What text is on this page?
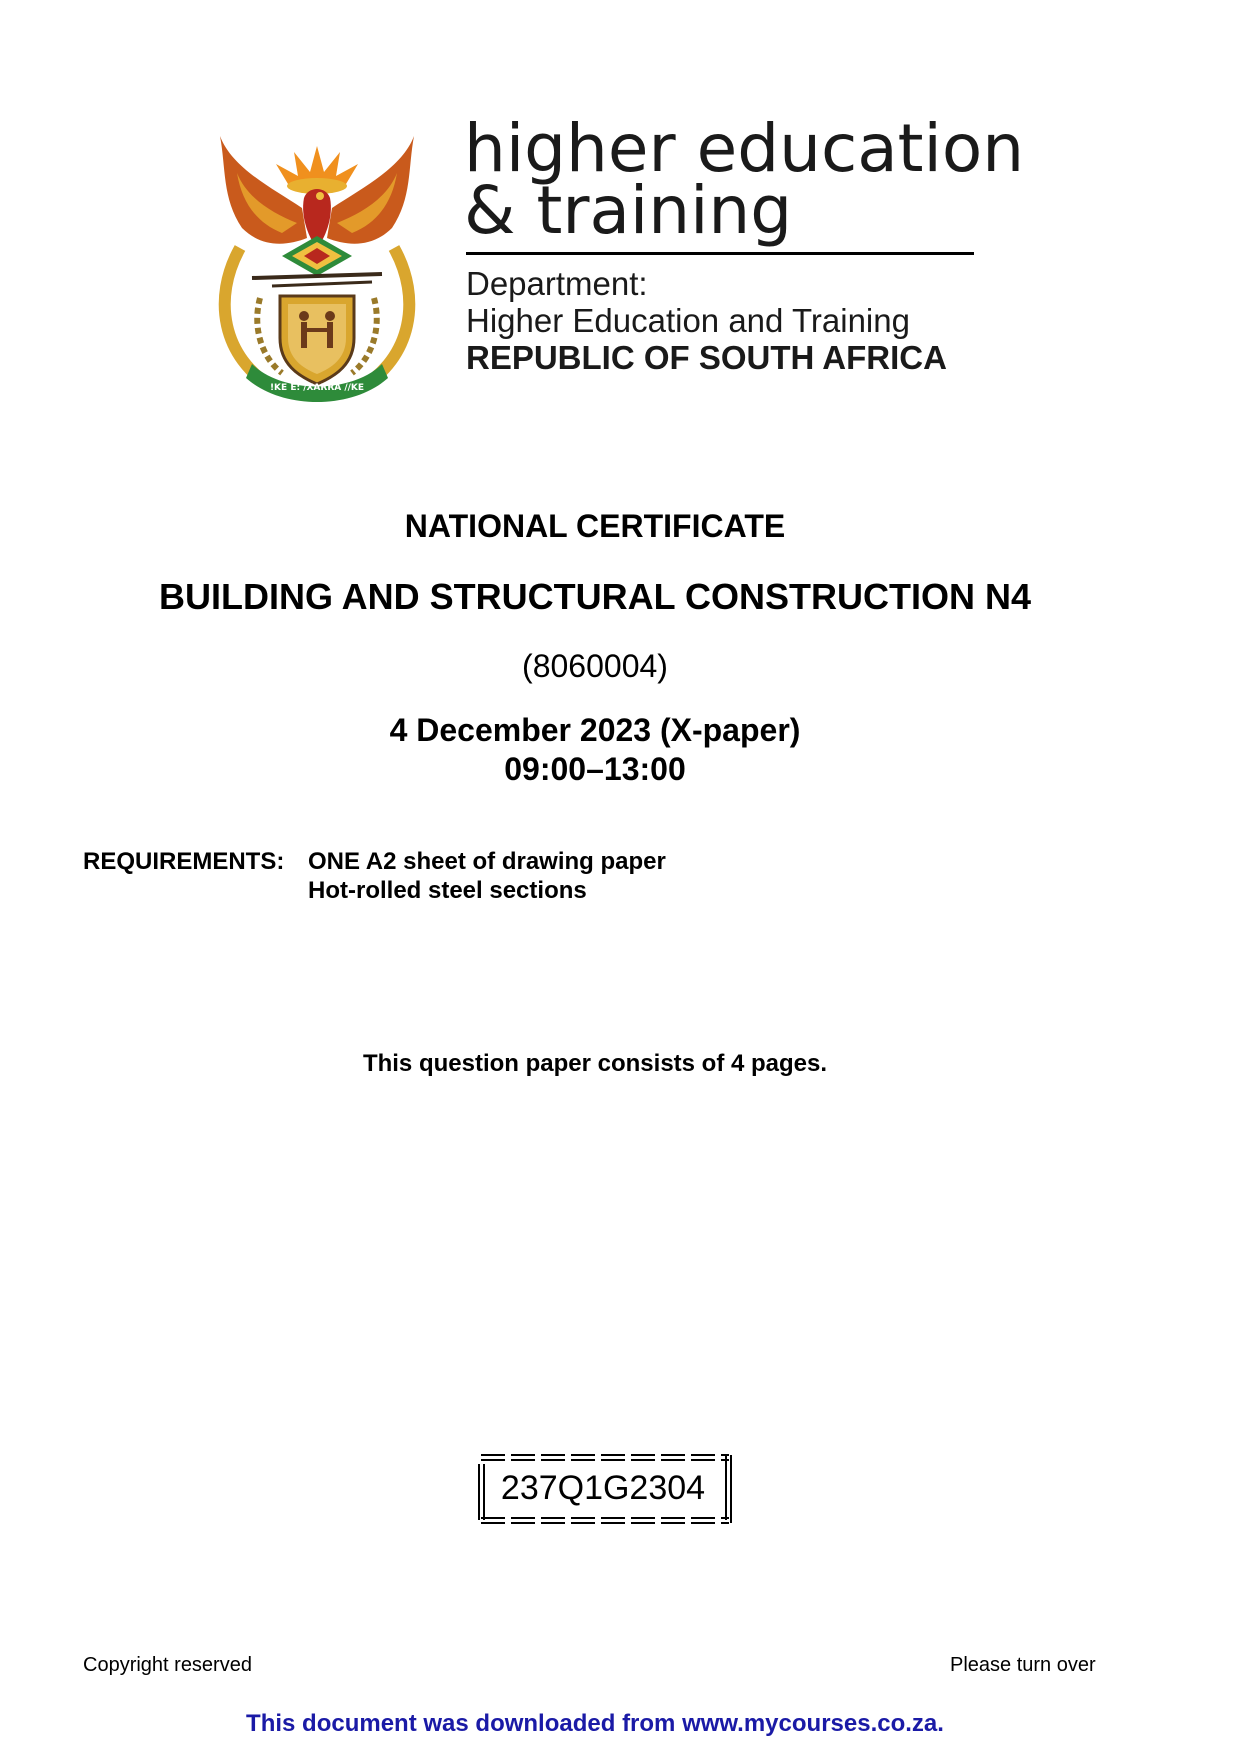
!KE E: /XARRA //KE
higher education
& training
Department:
Higher Education and Training
REPUBLIC OF SOUTH AFRICA
NATIONAL CERTIFICATE
BUILDING AND STRUCTURAL CONSTRUCTION N4
(8060004)
4 December 2023 (X-paper)
09:00–13:00
REQUIREMENTS: ONE A2 sheet of drawing paper
Hot-rolled steel sections
This question paper consists of 4 pages.
237Q1G2304
Copyright reserved	Please turn over
This document was downloaded from www.mycourses.co.za.
